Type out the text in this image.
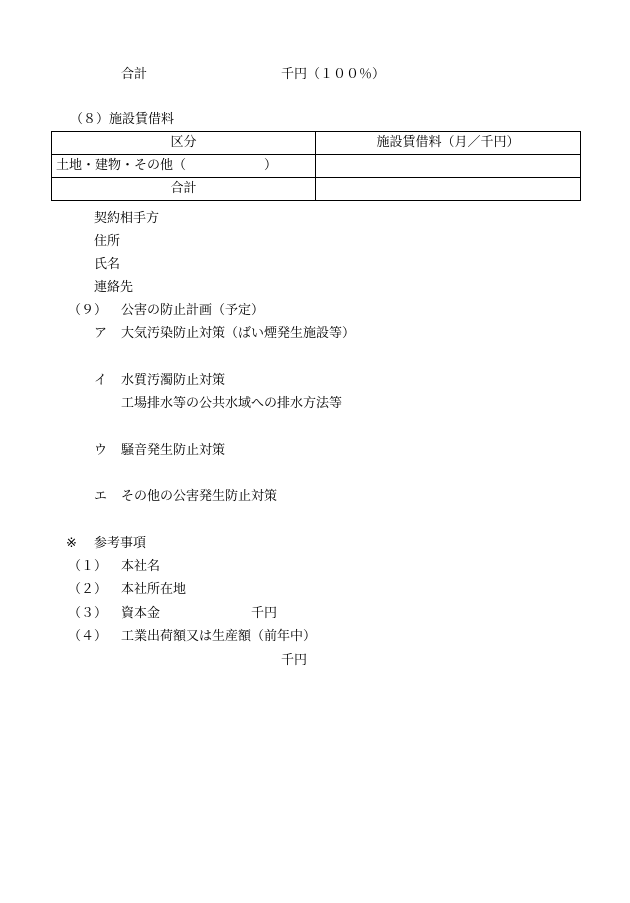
合計	千円（１００％）
（８）施設賃借料
区分	施設賃借料（月／千円）
土地・建物・その他（　　　　　　）	
合計	
契約相手方
住所
氏名
連絡先
（９） 公害の防止計画（予定）
ア 大気汚染防止対策（ばい煙発生施設等）
イ 水質汚濁防止対策
工場排水等の公共水域への排水方法等
ウ 騒音発生防止対策
エ その他の公害発生防止対策
※ 参考事項
（１） 本社名
（２） 本社所在地
（３） 資本金	千円
（４） 工業出荷額又は生産額（前年中）
千円
